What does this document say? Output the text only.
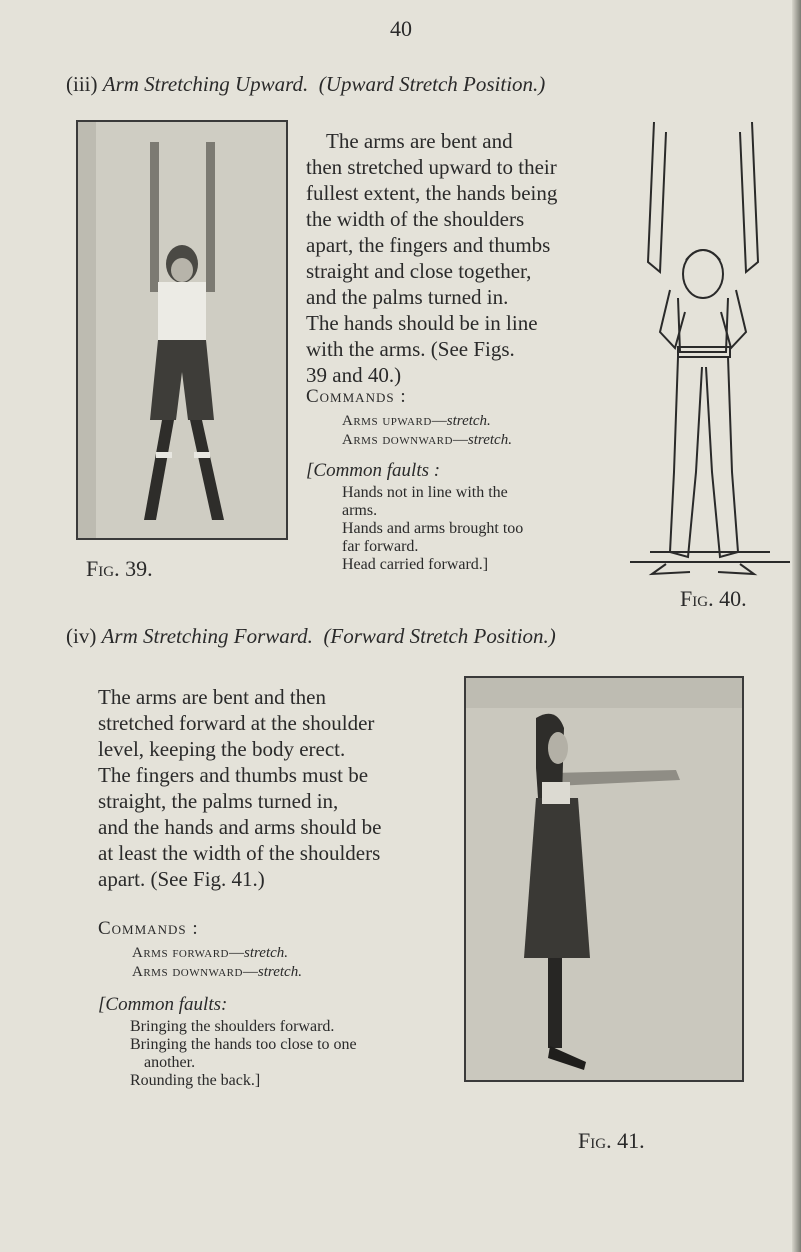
40
(iii) Arm Stretching Upward. (Upward Stretch Position.)
Fig. 39.

The arms are bent and

then stretched upward to their

fullest extent, the hands being

the width of the shoulders

apart, the fingers and thumbs

straight and close together,

and the palms turned in.

The hands should be in line

with the arms. (See Figs.

39 and 40.)

Commands :

Arms upward—stretch.

Arms downward—stretch.

[Common faults :

Hands not in line with the

arms.

Hands and arms brought too

far forward.

Head carried forward.]

Fig. 40.
(iv) Arm Stretching Forward. (Forward Stretch Position.)

The arms are bent and then

stretched forward at the shoulder

level, keeping the body erect.

The fingers and thumbs must be

straight, the palms turned in,

and the hands and arms should be

at least the width of the shoulders

apart. (See Fig. 41.)

Commands :

Arms forward—stretch.

Arms downward—stretch.

[Common faults:

Bringing the shoulders forward.

Bringing the hands too close to one

another.

Rounding the back.]

Fig. 41.
